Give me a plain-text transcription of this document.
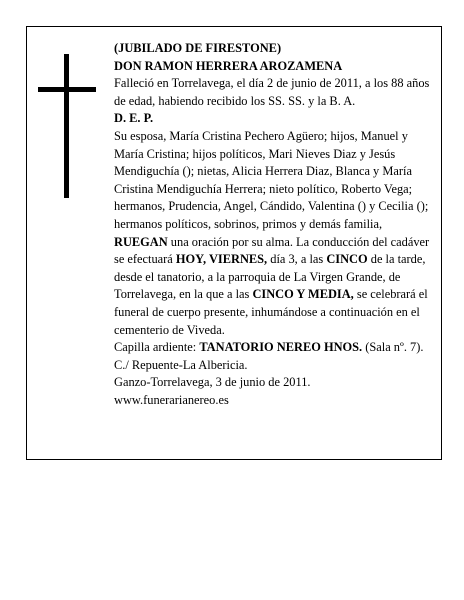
(JUBILADO DE FIRESTONE)

DON RAMON HERRERA AROZAMENA

Falleció en Torrelavega, el día 2 de junio de 2011, a los 88 años de edad, habiendo recibido los SS. SS. y la B. A.

D. E. P.

Su esposa, María Cristina Pechero Agüero; hijos, Manuel y María Cristina; hijos políticos, Mari Nieves Diaz y Jesús Mendiguchía (); nietas, Alicia Herrera Diaz, Blanca y María Cristina Mendiguchía Herrera; nieto político, Roberto Vega; hermanos, Prudencia, Angel, Cándido, Valentina () y Cecilia (); hermanos políticos, sobrinos, primos y demás familia,

RUEGAN una oración por su alma. La conducción del cadáver se efectuará HOY, VIERNES, día 3, a las CINCO de la tarde, desde el tanatorio, a la parroquia de La Virgen Grande, de Torrelavega, en la que a las CINCO Y MEDIA, se celebrará el funeral de cuerpo presente, inhumándose a continuación en el cementerio de Viveda.

Capilla ardiente: TANATORIO NEREO HNOS. (Sala nº. 7). C./ Repuente-La Albericia.

Ganzo-Torrelavega, 3 de junio de 2011.

www.funerarianereo.es
